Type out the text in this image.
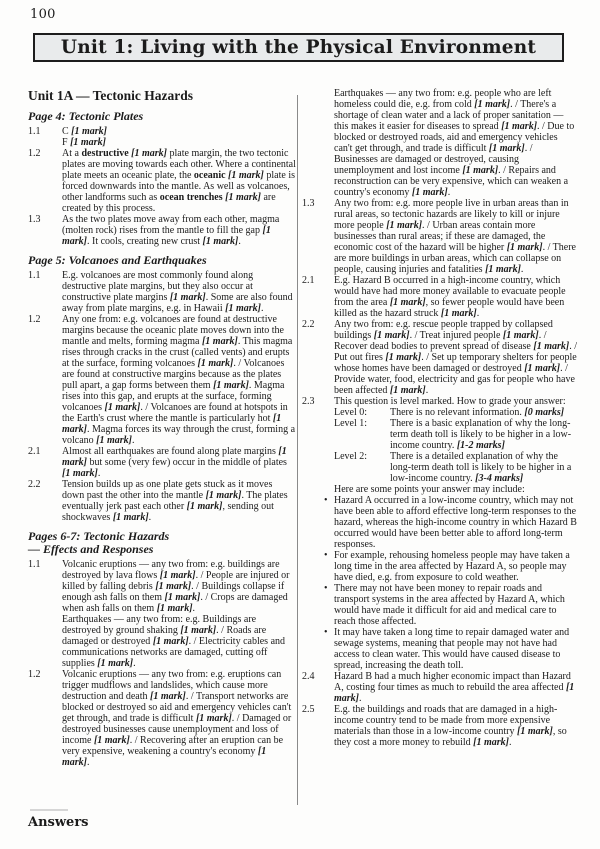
100
Unit 1: Living with the Physical Environment
Unit 1A — Tectonic Hazards
Page 4: Tectonic Plates
1.1	C [1 mark]
F [1 mark]
1.2	At a destructive [1 mark] plate margin, the two tectonic plates are moving towards each other. Where a continental plate meets an oceanic plate, the oceanic [1 mark] plate is forced downwards into the mantle. As well as volcanoes, other landforms such as ocean trenches [1 mark] are created by this process.
1.3	As the two plates move away from each other, magma (molten rock) rises from the mantle to fill the gap [1 mark]. It cools, creating new crust [1 mark].
Page 5: Volcanoes and Earthquakes
1.1	E.g. volcanoes are most commonly found along destructive plate margins, but they also occur at constructive plate margins [1 mark]. Some are also found away from plate margins, e.g. in Hawaii [1 mark].
1.2	Any one from: e.g. volcanoes are found at destructive margins because the oceanic plate moves down into the mantle and melts, forming magma [1 mark]. This magma rises through cracks in the crust (called vents) and erupts at the surface, forming volcanoes [1 mark]. / Volcanoes are found at constructive margins because as the plates pull apart, a gap forms between them [1 mark]. Magma rises into this gap, and erupts at the surface, forming volcanoes [1 mark]. / Volcanoes are found at hotspots in the Earth's crust where the mantle is particularly hot [1 mark]. Magma forces its way through the crust, forming a volcano [1 mark].
2.1	Almost all earthquakes are found along plate margins [1 mark] but some (very few) occur in the middle of plates [1 mark].
2.2	Tension builds up as one plate gets stuck as it moves down past the other into the mantle [1 mark]. The plates eventually jerk past each other [1 mark], sending out shockwaves [1 mark].
Pages 6-7: Tectonic Hazards
— Effects and Responses
1.1	Volcanic eruptions — any two from: e.g. buildings are destroyed by lava flows [1 mark]. / People are injured or killed by falling debris [1 mark]. / Buildings collapse if enough ash falls on them [1 mark]. / Crops are damaged when ash falls on them [1 mark].
Earthquakes — any two from: e.g. Buildings are destroyed by ground shaking [1 mark]. / Roads are damaged or destroyed [1 mark]. / Electricity cables and communications networks are damaged, cutting off supplies [1 mark].
1.2	Volcanic eruptions — any two from: e.g. eruptions can trigger mudflows and landslides, which cause more destruction and death [1 mark]. / Transport networks are blocked or destroyed so aid and emergency vehicles can't get through, and trade is difficult [1 mark]. / Damaged or destroyed businesses cause unemployment and loss of income [1 mark]. / Recovering after an eruption can be very expensive, weakening a country's economy [1 mark].
Earthquakes — any two from: e.g. people who are left homeless could die, e.g. from cold [1 mark]. / There's a shortage of clean water and a lack of proper sanitation — this makes it easier for diseases to spread [1 mark]. / Due to blocked or destroyed roads, aid and emergency vehicles can't get through, and trade is difficult [1 mark]. / Businesses are damaged or destroyed, causing unemployment and lost income [1 mark]. / Repairs and reconstruction can be very expensive, which can weaken a country's economy [1 mark].
1.3	Any two from: e.g. more people live in urban areas than in rural areas, so tectonic hazards are likely to kill or injure more people [1 mark]. / Urban areas contain more businesses than rural areas; if these are damaged, the economic cost of the hazard will be higher [1 mark]. / There are more buildings in urban areas, which can collapse on people, causing injuries and fatalities [1 mark].
2.1	E.g. Hazard B occurred in a high-income country, which would have had more money available to evacuate people from the area [1 mark], so fewer people would have been killed as the hazard struck [1 mark].
2.2	Any two from: e.g. rescue people trapped by collapsed buildings [1 mark]. / Treat injured people [1 mark]. / Recover dead bodies to prevent spread of disease [1 mark]. / Put out fires [1 mark]. / Set up temporary shelters for people whose homes have been damaged or destroyed [1 mark]. / Provide water, food, electricity and gas for people who have been affected [1 mark].
2.3	This question is level marked. How to grade your answer:
Level 0:	There is no relevant information. [0 marks]
Level 1:	There is a basic explanation of why the long-term death toll is likely to be higher in a low-income country. [1-2 marks]
Level 2:	There is a detailed explanation of why the long-term death toll is likely to be higher in a low-income country. [3-4 marks]
Here are some points your answer may include:
• Hazard A occurred in a low-income country, which may not have been able to afford effective long-term responses to the hazard, whereas the high-income country in which Hazard B occurred would have been better able to afford long-term responses.
• For example, rehousing homeless people may have taken a long time in the area affected by Hazard A, so people may have died, e.g. from exposure to cold weather.
• There may not have been money to repair roads and transport systems in the area affected by Hazard A, which would have made it difficult for aid and medical care to reach those affected.
• It may have taken a long time to repair damaged water and sewage systems, meaning that people may not have had access to clean water. This would have caused disease to spread, increasing the death toll.
2.4	Hazard B had a much higher economic impact than Hazard A, costing four times as much to rebuild the area affected [1 mark].
2.5	E.g. the buildings and roads that are damaged in a high-income country tend to be made from more expensive materials than those in a low-income country [1 mark], so they cost a more money to rebuild [1 mark].
Answers
